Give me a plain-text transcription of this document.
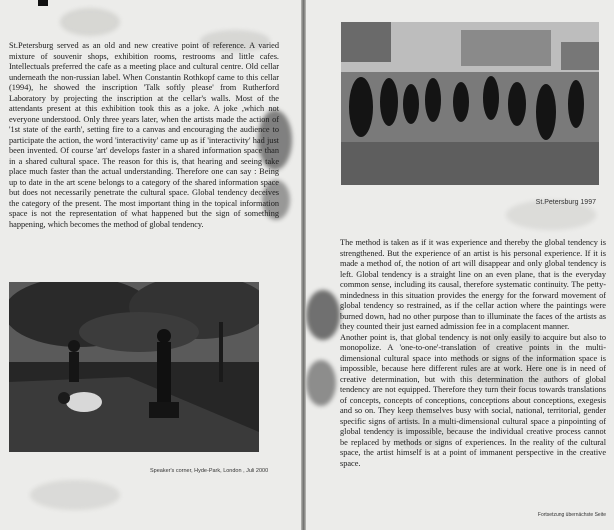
St.Petersburg served as an old and new creative point of reference. A varied mixture of souvenir shops, exhibition rooms, restrooms and little cafes. Intellectuals preferred the cafe as a meeting place and cultural centre. Old cellar underneath the non-russian label. When Constantin Rothkopf came to this cellar (1994), he showed the inscription 'Talk softly please' from Rutherford Laboratory by projecting the inscription at the cellar's walls. Most of the attendants present at this exhibition took this as a joke. A joke ,which not everyone understood. Only three years later, when the artists made the action of '1st state of the earth', setting fire to a canvas and encouraging the audience to participate the action, the word 'interactivity' came up as if 'interactivity' had just been invented. Of course 'art' develops faster in a shared information space than in a shared cultural space. The reason for this is, that hearing and seeing take place much faster than the actual understanding. Therefore one can say : Being up to date in the art scene belongs to a category of the shared information space but does not necessarily penetrate the cultural space. Global tendency deceives the category of the present. The most important thing in the topical information space is not the representation of what happened but the sign of something happening, which becomes the method of global tendency.

Speaker's corner, Hyde-Park, London , Juli 2000
St.Petersburg 1997

The method is taken as if it was experience and thereby the global tendency is strengthened. But the experience of an artist is his personal experience. If it is made a method of, the notion of art will disappear and only global tendency is left. Global tendency is a straight line on an even plane, that is the everyday common sense, including its causal, therefore systematic continuity. The petty-mindedness in this situation provides the energy for the forward movement of global tendency so restrained, as if the cellar action where the paintings were burned down, had no other purpose than to illuminate the faces of the artists as they counted their just earned admission fee in a complacent manner.

Another point is, that global tendency is not only easily to acquire but also to monopolize. A 'one-to-one'-translation of creative points in the multi-dimensional cultural space into methods or signs of the information space is impossible, because here different rules are at work. Here one is in need of creative determination, but with this determination the authors of global tendency are not equipped. Therefore they turn their focus towards translations of concepts, concepts of conceptions, conceptions about conceptions, exegesis and so on. They keep themselves busy with social, national, territorial, gender specific signs of artists. In a multi-dimensional cultural space a pinpointing of global tendency is impossible, because the individual creative process cannot be replaced by methods or signs of experiences. In the reality of the cultural space, the artist himself is at a point of immanent perspective in the creative space.

Fortsetzung übernächste Seite
